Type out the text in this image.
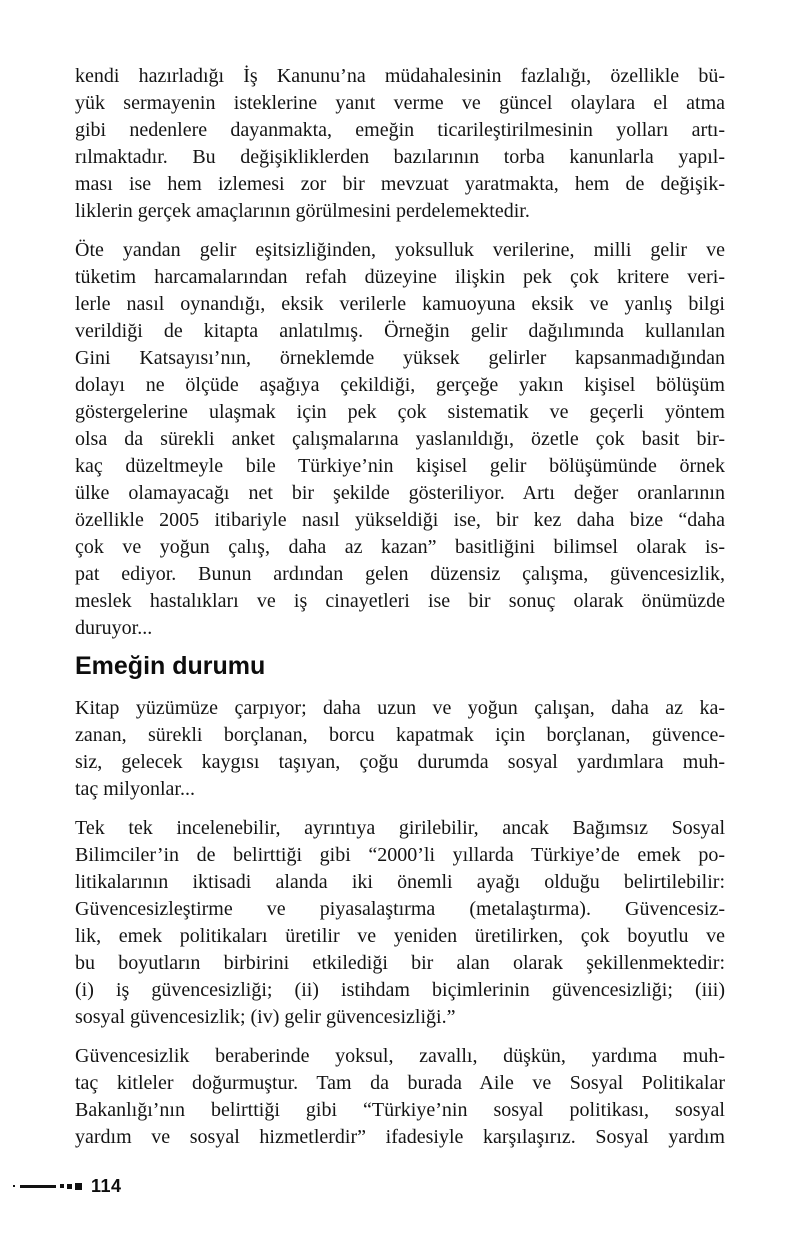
kendi hazırladığı İş Kanunu’na müdahalesinin fazlalığı, özellikle bü-
yük sermayenin isteklerine yanıt verme ve güncel olaylara el atma
gibi nedenlere dayanmakta, emeğin ticarileştirilmesinin yolları artı-
rılmaktadır. Bu değişikliklerden bazılarının torba kanunlarla yapıl-
ması ise hem izlemesi zor bir mevzuat yaratmakta, hem de değişik-
liklerin gerçek amaçlarının görülmesini perdelemektedir.
Öte yandan gelir eşitsizliğinden, yoksulluk verilerine, milli gelir ve
tüketim harcamalarından refah düzeyine ilişkin pek çok kritere veri-
lerle nasıl oynandığı, eksik verilerle kamuoyuna eksik ve yanlış bilgi
verildiği de kitapta anlatılmış. Örneğin gelir dağılımında kullanılan
Gini Katsayısı’nın, örneklemde yüksek gelirler kapsanmadığından
dolayı ne ölçüde aşağıya çekildiği, gerçeğe yakın kişisel bölüşüm
göstergelerine ulaşmak için pek çok sistematik ve geçerli yöntem
olsa da sürekli anket çalışmalarına yaslanıldığı, özetle çok basit bir-
kaç düzeltmeyle bile Türkiye’nin kişisel gelir bölüşümünde örnek
ülke olamayacağı net bir şekilde gösteriliyor. Artı değer oranlarının
özellikle 2005 itibariyle nasıl yükseldiği ise, bir kez daha bize “daha
çok ve yoğun çalış, daha az kazan” basitliğini bilimsel olarak is-
pat ediyor. Bunun ardından gelen düzensiz çalışma, güvencesizlik,
meslek hastalıkları ve iş cinayetleri ise bir sonuç olarak önümüzde
duruyor...
Emeğin durumu
Kitap yüzümüze çarpıyor; daha uzun ve yoğun çalışan, daha az ka-
zanan, sürekli borçlanan, borcu kapatmak için borçlanan, güvence-
siz, gelecek kaygısı taşıyan, çoğu durumda sosyal yardımlara muh-
taç milyonlar...
Tek tek incelenebilir, ayrıntıya girilebilir, ancak Bağımsız Sosyal
Bilimciler’in de belirttiği gibi “2000’li yıllarda Türkiye’de emek po-
litikalarının iktisadi alanda iki önemli ayağı olduğu belirtilebilir:
Güvencesizleştirme ve piyasalaştırma (metalaştırma). Güvencesiz-
lik, emek politikaları üretilir ve yeniden üretilirken, çok boyutlu ve
bu boyutların birbirini etkilediği bir alan olarak şekillenmektedir:
(i) iş güvencesizliği; (ii) istihdam biçimlerinin güvencesizliği; (iii)
sosyal güvencesizlik; (iv) gelir güvencesizliği.”
Güvencesizlik beraberinde yoksul, zavallı, düşkün, yardıma muh-
taç kitleler doğurmuştur. Tam da burada Aile ve Sosyal Politikalar
Bakanlığı’nın belirttiği gibi “Türkiye’nin sosyal politikası, sosyal
yardım ve sosyal hizmetlerdir” ifadesiyle karşılaşırız. Sosyal yardım
114
